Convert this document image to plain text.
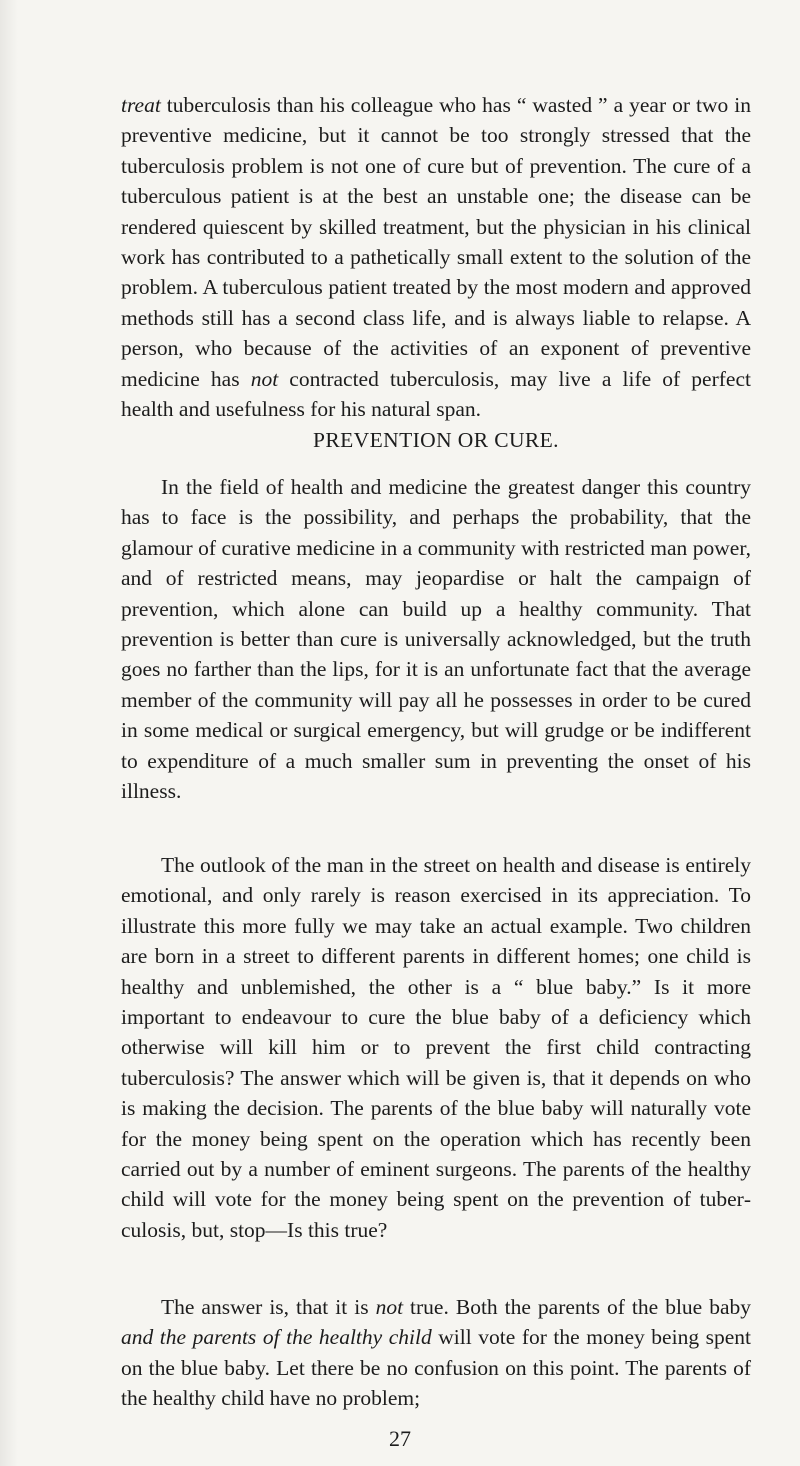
treat tuberculosis than his colleague who has “ wasted ” a year or two in preventive medicine, but it cannot be too strongly stressed that the tuberculosis problem is not one of cure but of prevention. The cure of a tuberculous patient is at the best an unstable one; the disease can be rendered quiescent by skilled treatment, but the physician in his clinical work has contributed to a pathetically small extent to the solution of the problem. A tuberculous patient treated by the most modern and approved methods still has a second class life, and is always liable to relapse. A person, who because of the activities of an exponent of preventive medicine has not contracted tuberculosis, may live a life of perfect health and usefulness for his natural span.

PREVENTION OR CURE.

In the field of health and medicine the greatest danger this country has to face is the possibility, and perhaps the probability, that the glamour of curative medicine in a community with restricted man power, and of restricted means, may jeopardise or halt the campaign of prevention, which alone can build up a healthy community. That prevention is better than cure is universally acknowledged, but the truth goes no farther than the lips, for it is an unfortunate fact that the average member of the community will pay all he possesses in order to be cured in some medical or surgical emergency, but will grudge or be indifferent to expenditure of a much smaller sum in preventing the onset of his illness.

The outlook of the man in the street on health and disease is entirely emotional, and only rarely is reason exercised in its apprе​ciation. To illustrate this more fully we may take an actual example. Two children are born in a street to different parents in different homes; one child is healthy and unblemished, the other is a “ blue baby.” Is it more important to endeavour to cure the blue baby of a deficiency which otherwise will kill him or to prevent the first child contracting tuberculosis? The answer which will be given is, that it depends on who is making the decision. The parents of the blue baby will naturally vote for the money being spent on the operation which has recently been carried out by a number of eminent surgeons. The parents of the healthy child will vote for the money being spent on the prevention of tuberculosis, but, stop—Is this true?

The answer is, that it is not true. Both the parents of the blue baby and the parents of the healthy child will vote for the money being spent on the blue baby. Let there be no confusion on this point. The parents of the healthy child have no problem;

27
